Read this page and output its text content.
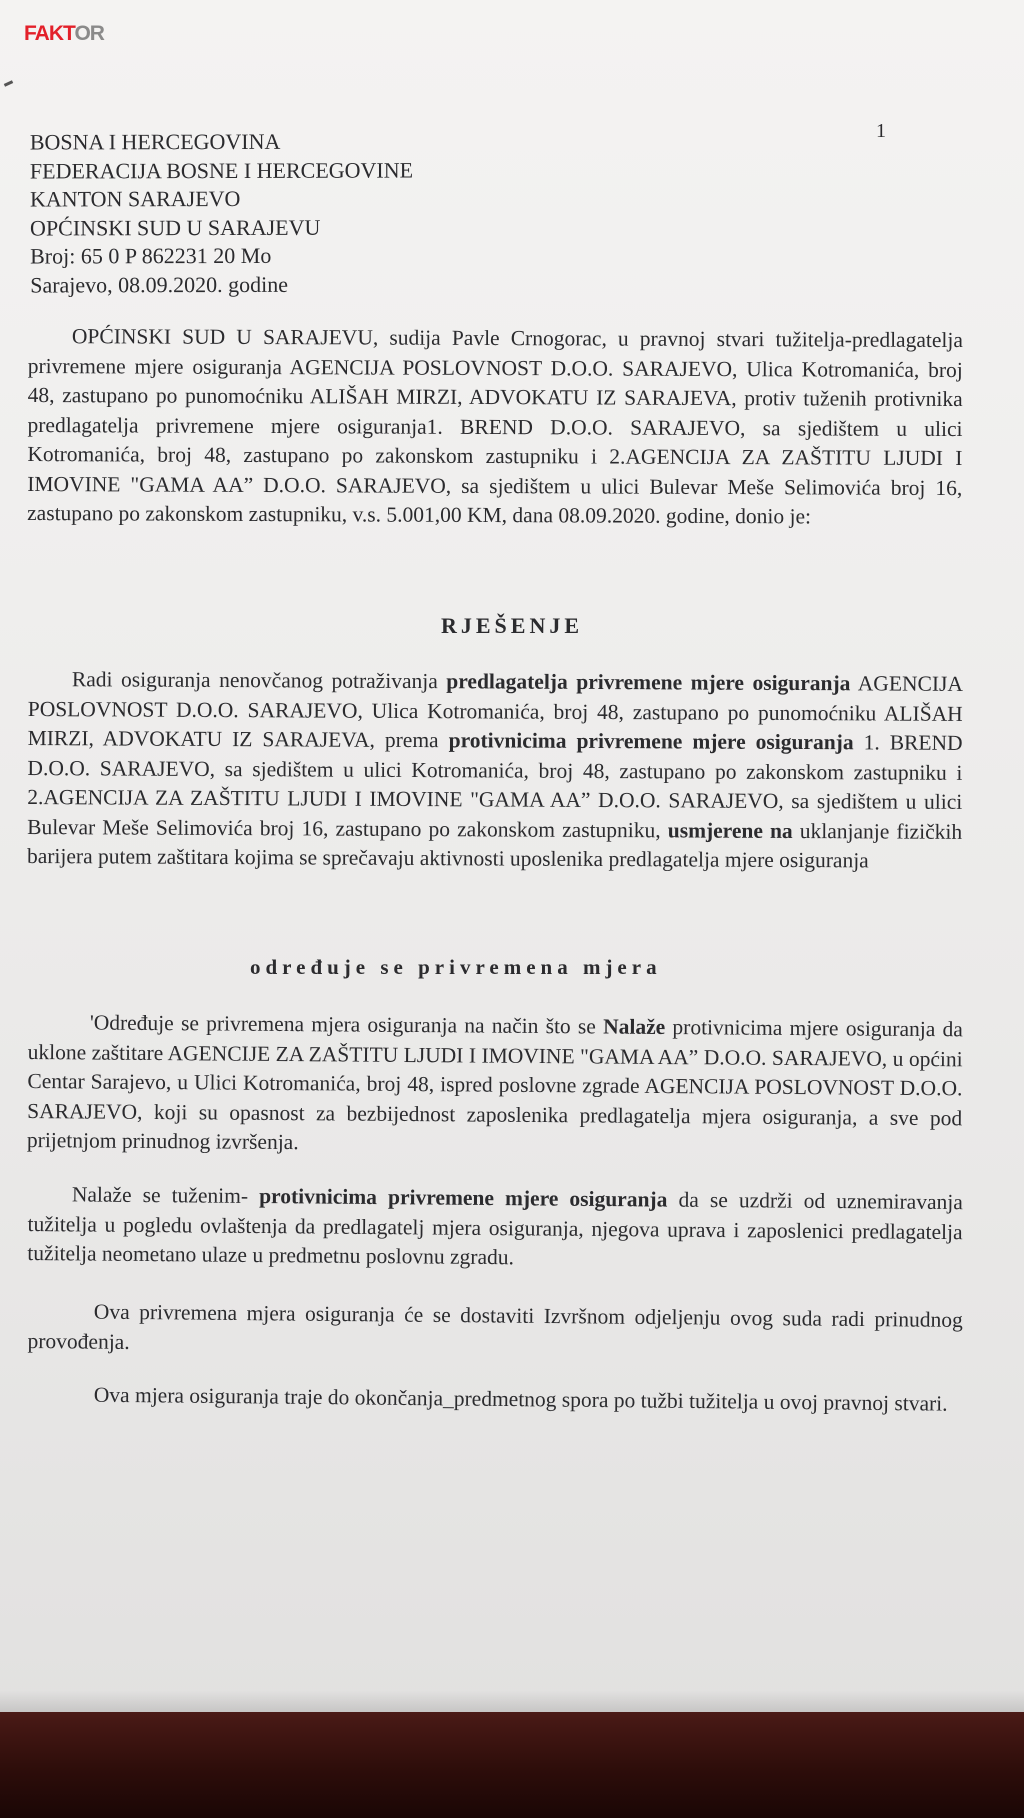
FAKTOR
1
BOSNA I HERCEGOVINA
FEDERACIJA BOSNE I HERCEGOVINE
KANTON SARAJEVO
OPĆINSKI SUD U SARAJEVU
Broj: 65 0 P 862231 20 Mo
Sarajevo, 08.09.2020. godine

OPĆINSKI SUD U SARAJEVU, sudija Pavle Crnogorac, u pravnoj stvari tužitelja-predlagatelja privremene mjere osiguranja AGENCIJA POSLOVNOST D.O.O. SARAJEVO, Ulica Kotromanića, broj 48, zastupano po punomoćniku ALIŠAH MIRZI, ADVOKATU IZ SARAJEVA, protiv tuženih protivnika predlagatelja privremene mjere osiguranja1. BREND D.O.O. SARAJEVO, sa sjedištem u ulici Kotromanića, broj 48, zastupano po zakonskom zastupniku i 2.AGENCIJA ZA ZAŠTITU LJUDI I IMOVINE "GAMA AA” D.O.O. SARAJEVO, sa sjedištem u ulici Bulevar Meše Selimovića broj 16, zastupano po zakonskom zastupniku, v.s. 5.001,00 KM, dana 08.09.2020. godine, donio je:

RJEŠENJE

Radi osiguranja nenovčanog potraživanja predlagatelja privremene mjere osiguranja AGENCIJA POSLOVNOST D.O.O. SARAJEVO, Ulica Kotromanića, broj 48, zastupano po punomoćniku ALIŠAH MIRZI, ADVOKATU IZ SARAJEVA, prema protivnicima privremene mjere osiguranja 1. BREND D.O.O. SARAJEVO, sa sjedištem u ulici Kotromanića, broj 48, zastupano po zakonskom zastupniku i 2.AGENCIJA ZA ZAŠTITU LJUDI I IMOVINE "GAMA AA” D.O.O. SARAJEVO, sa sjedištem u ulici Bulevar Meše Selimovića broj 16, zastupano po zakonskom zastupniku, usmjerene na uklanjanje fizičkih barijera putem zaštitara kojima se sprečavaju aktivnosti uposlenika predlagatelja mjere osiguranja

određuje se privremena mjera

'Određuje se privremena mjera osiguranja na način što se Nalaže protivnicima mjere osiguranja da uklone zaštitare AGENCIJE ZA ZAŠTITU LJUDI I IMOVINE "GAMA AA” D.O.O. SARAJEVO, u općini Centar Sarajevo, u Ulici Kotromanića, broj 48, ispred poslovne zgrade AGENCIJA POSLOVNOST D.O.O. SARAJEVO, koji su opasnost za bezbijednost zaposlenika predlagatelja mjera osiguranja, a sve pod prijetnjom prinudnog izvršenja.

Nalaže se tuženim- protivnicima privremene mjere osiguranja da se uzdrži od uznemiravanja tužitelja u pogledu ovlaštenja da predlagatelj mjera osiguranja, njegova uprava i zaposlenici predlagatelja tužitelja neometano ulaze u predmetnu poslovnu zgradu.

Ova privremena mjera osiguranja će se dostaviti Izvršnom odjeljenju ovog suda radi prinudnog provođenja.

Ova mjera osiguranja traje do okončanja_predmetnog spora po tužbi tužitelja u ovoj pravnoj stvari.
